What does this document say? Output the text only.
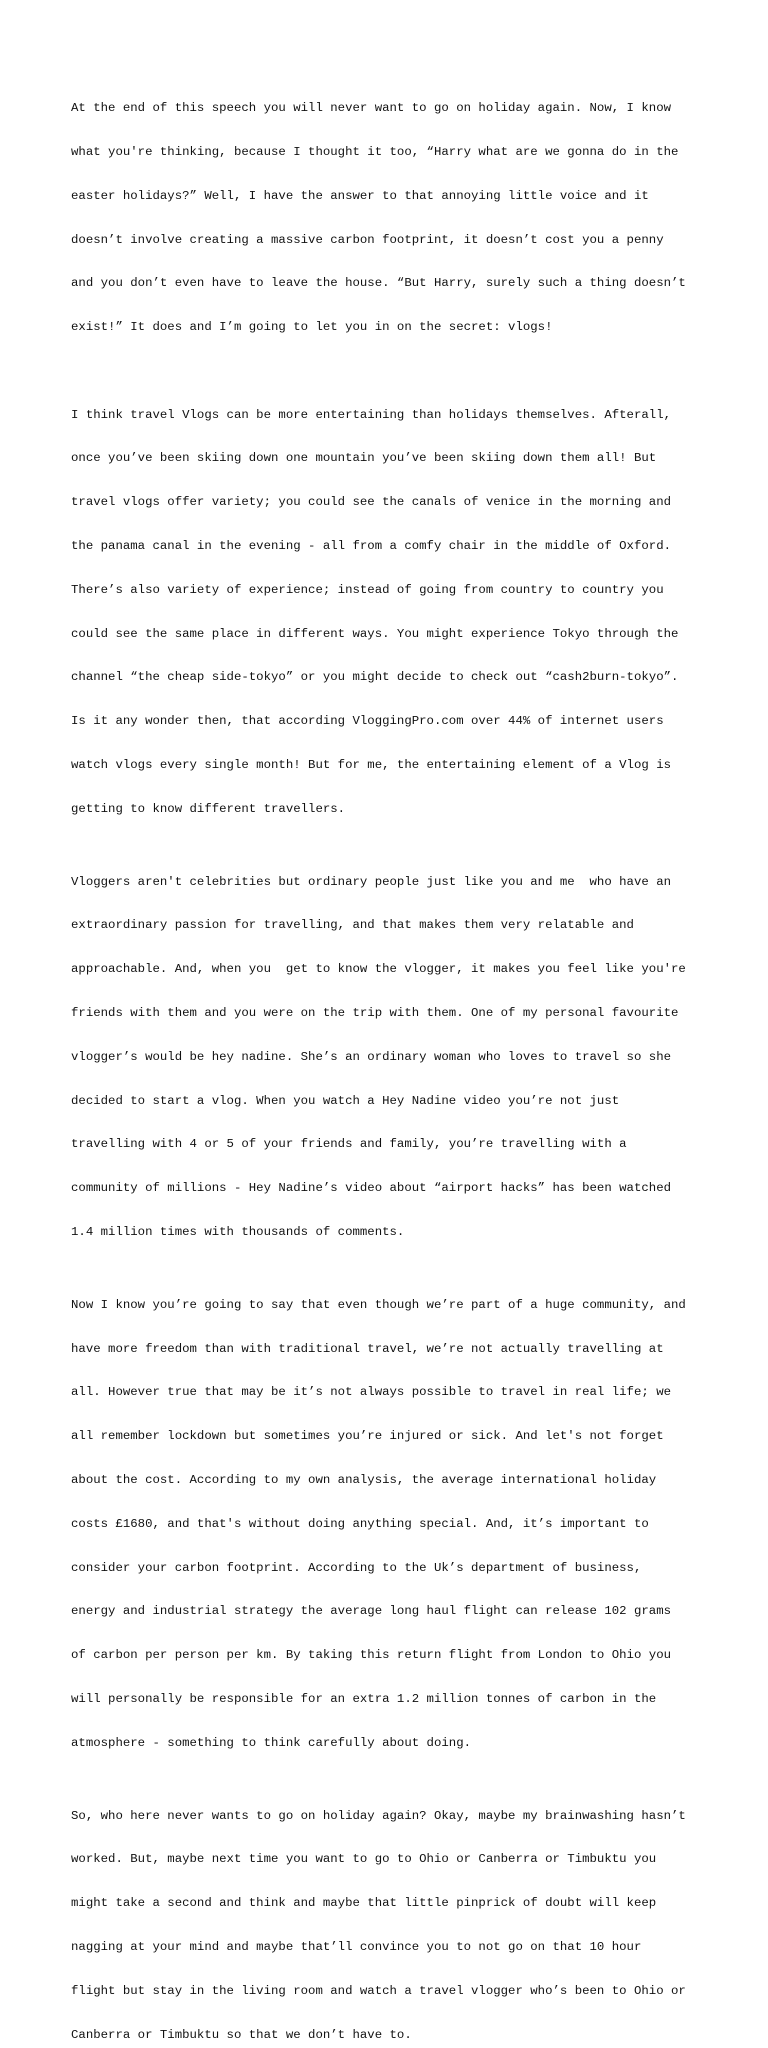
At the end of this speech you will never want to go on holiday again. Now, I know

what you're thinking, because I thought it too, “Harry what are we gonna do in the

easter holidays?” Well, I have the answer to that annoying little voice and it

doesn’t involve creating a massive carbon footprint, it doesn’t cost you a penny

and you don’t even have to leave the house. “But Harry, surely such a thing doesn’t

exist!” It does and I’m going to let you in on the secret: vlogs!

I think travel Vlogs can be more entertaining than holidays themselves. Afterall,

once you’ve been skiing down one mountain you’ve been skiing down them all! But

travel vlogs offer variety; you could see the canals of venice in the morning and

the panama canal in the evening - all from a comfy chair in the middle of Oxford.

There’s also variety of experience; instead of going from country to country you

could see the same place in different ways. You might experience Tokyo through the

channel “the cheap side-tokyo” or you might decide to check out “cash2burn-tokyo”.

Is it any wonder then, that according VloggingPro.com over 44% of internet users

watch vlogs every single month! But for me, the entertaining element of a Vlog is

getting to know different travellers.

Vloggers aren't celebrities but ordinary people just like you and me  who have an

extraordinary passion for travelling, and that makes them very relatable and

approachable. And, when you  get to know the vlogger, it makes you feel like you're

friends with them and you were on the trip with them. One of my personal favourite

vlogger’s would be hey nadine. She’s an ordinary woman who loves to travel so she

decided to start a vlog. When you watch a Hey Nadine video you’re not just

travelling with 4 or 5 of your friends and family, you’re travelling with a

community of millions - Hey Nadine’s video about “airport hacks” has been watched

1.4 million times with thousands of comments.

Now I know you’re going to say that even though we’re part of a huge community, and

have more freedom than with traditional travel, we’re not actually travelling at

all. However true that may be it’s not always possible to travel in real life; we

all remember lockdown but sometimes you’re injured or sick. And let's not forget

about the cost. According to my own analysis, the average international holiday

costs £1680, and that's without doing anything special. And, it’s important to

consider your carbon footprint. According to the Uk’s department of business,

energy and industrial strategy the average long haul flight can release 102 grams

of carbon per person per km. By taking this return flight from London to Ohio you

will personally be responsible for an extra 1.2 million tonnes of carbon in the

atmosphere - something to think carefully about doing.

So, who here never wants to go on holiday again? Okay, maybe my brainwashing hasn’t

worked. But, maybe next time you want to go to Ohio or Canberra or Timbuktu you

might take a second and think and maybe that little pinprick of doubt will keep

nagging at your mind and maybe that’ll convince you to not go on that 10 hour

flight but stay in the living room and watch a travel vlogger who’s been to Ohio or

Canberra or Timbuktu so that we don’t have to.
